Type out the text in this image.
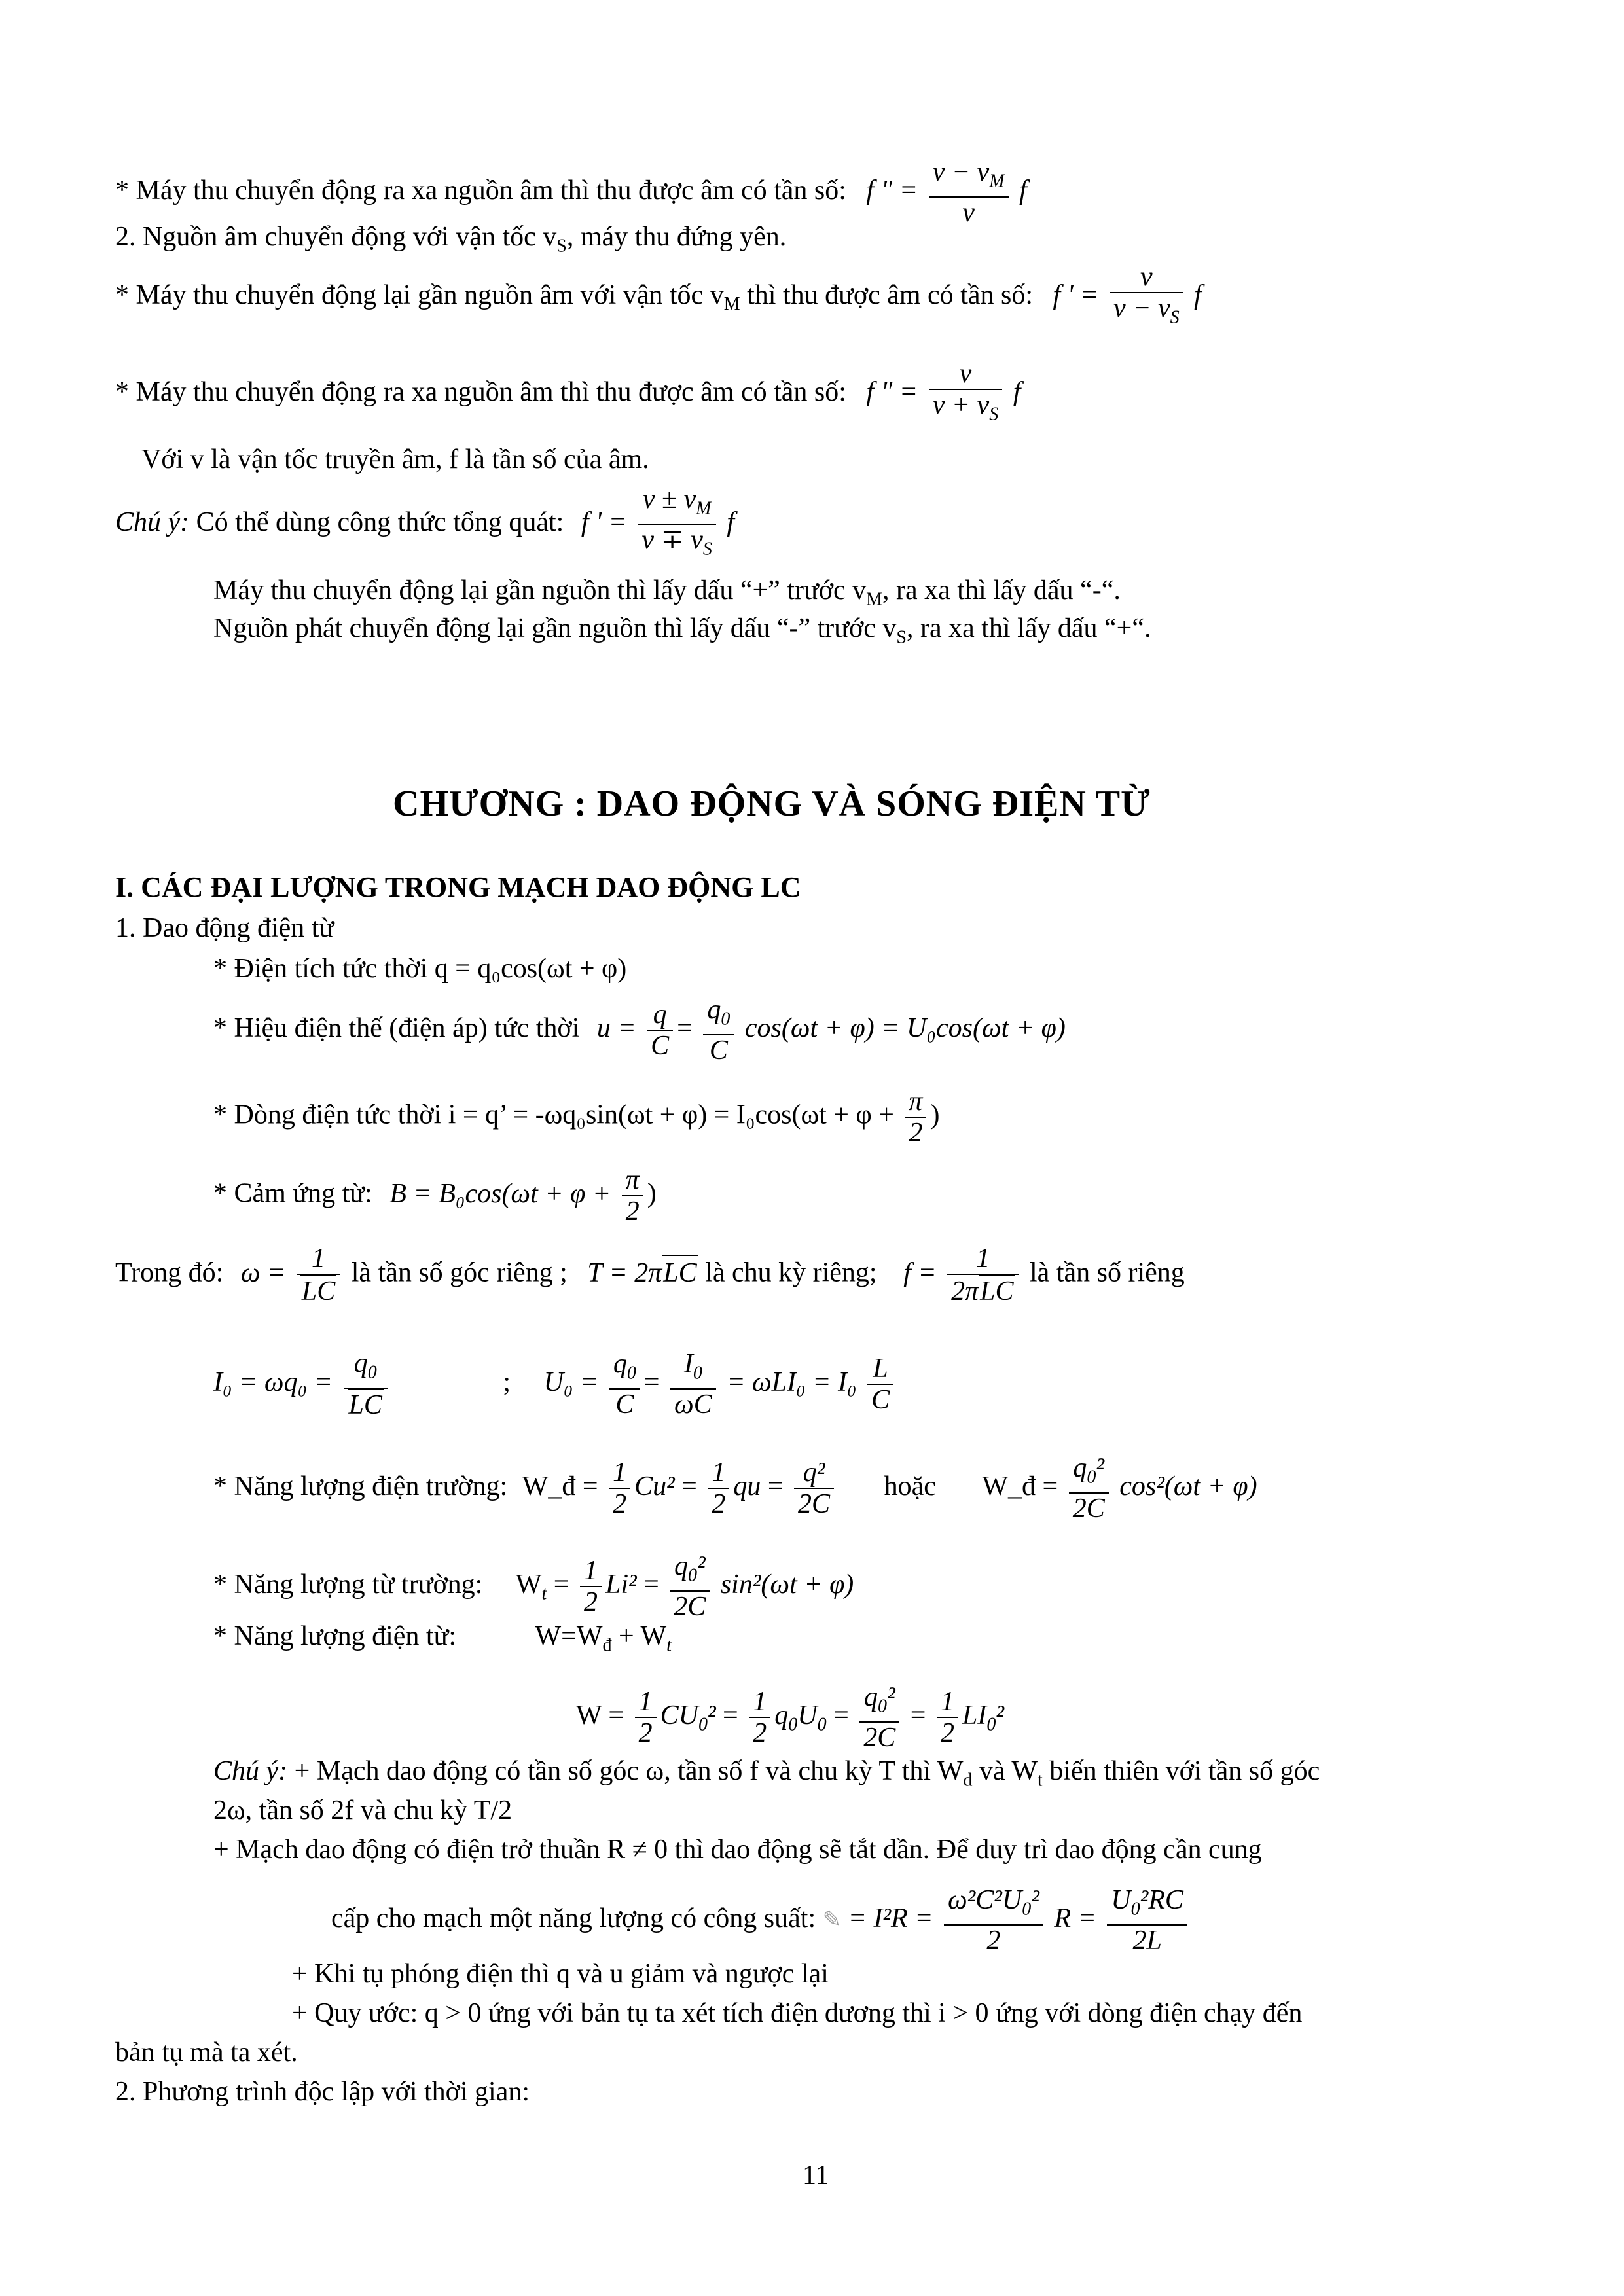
* Máy thu chuyển động ra xa nguồn âm thì thu được âm có tần số: f " = $\frac{v - v_M}{v}$ f
2. Nguồn âm chuyển động với vận tốc $v_S$, máy thu đứng yên.
* Máy thu chuyển động lại gần nguồn âm với vận tốc $v_M$ thì thu được âm có tần số: f ' = $\frac{v}{v - v_S}$ f
* Máy thu chuyển động ra xa nguồn âm thì thu được âm có tần số: f " = $\frac{v}{v + v_S}$ f
Với v là vận tốc truyền âm, f là tần số của âm.
Chú ý: Có thể dùng công thức tổng quát: f ' = $\frac{v \pm v_M}{v \mp v_S}$ f
Máy thu chuyển động lại gần nguồn thì lấy dấu “+” trước $v_M$, ra xa thì lấy dấu “-“.
Nguồn phát chuyển động lại gần nguồn thì lấy dấu “-” trước $v_S$, ra xa thì lấy dấu “+“.
CHƯƠNG : DAO ĐỘNG VÀ SÓNG ĐIỆN TỪ
I. CÁC ĐẠI LƯỢNG TRONG MẠCH DAO ĐỘNG LC
1. Dao động điện từ
* Điện tích tức thời q = q₀cos(ωt + φ)
* Hiệu điện thế (điện áp) tức thời $u = \frac{q}{C} = \frac{q_0}{C} \cos(\omega t + \varphi) = U_0\cos(\omega t + \varphi)$
* Dòng điện tức thời i = q’ = $-\omega q_0\sin(\omega t + \varphi) = I_0\cos(\omega t + \varphi + \frac{\pi}{2}$ )
* Cảm ứng từ: $B = B_0\cos(\omega t + \varphi + \frac{\pi}{2}$ )
Trong đó: $\omega = \frac{1}{LC}$ là tần số góc riêng ; T = 2πLC là chu kỳ riêng; $f = \frac{1}{\text{2πLC}}$ là tần số riêng
$I_0 = \omega q_0 = \frac{q_0}{LC}$	; $U_0 = \frac{q_0}{C} = \frac{I_0}{\omega C} = \omega LI_0 = I_0 \frac{L}{C}$
* Năng lượng điện trường: W_đ = $\frac{1}{2} Cu^2 = \frac{1}{2}$ qu = $\frac{\text{q²}}{2C}$ hoặc W_đ = $\frac{q_0^2}{2C} \cos^2(\omega t + \varphi)$
* Năng lượng từ trường: $W_t = \frac{1}{2} Li^2 = \frac{q_0^2}{2C} \sin^2(\omega t + \varphi)$
* Năng lượng điện từ:	$W=W_đ + W_t$
$W = \frac{1}{2} CU_0^2 = \frac{1}{2} q_0U_0 = \frac{q_0^2}{2C} = \frac{1}{2} LI_0^2$
Chú ý: + Mạch dao động có tần số góc ω, tần số f và chu kỳ T thì $W_d$ và $W_t$ biến thiên với tần số góc
2ω, tần số 2f và chu kỳ T/2
+ Mạch dao động có điện trở thuần R ≠ 0 thì dao động sẽ tắt dần. Để duy trì dao động cần cung
cấp cho mạch một năng lượng có công suất: ✎ = $I^2R = \frac{\omega^2C^2U_0^2}{2}$ $R = \frac{U_0^2RC}{2L}$
+ Khi tụ phóng điện thì q và u giảm và ngược lại
+ Quy ước: q > 0 ứng với bản tụ ta xét tích điện dương thì i > 0 ứng với dòng điện chạy đến
bản tụ mà ta xét.
2. Phương trình độc lập với thời gian:
11
